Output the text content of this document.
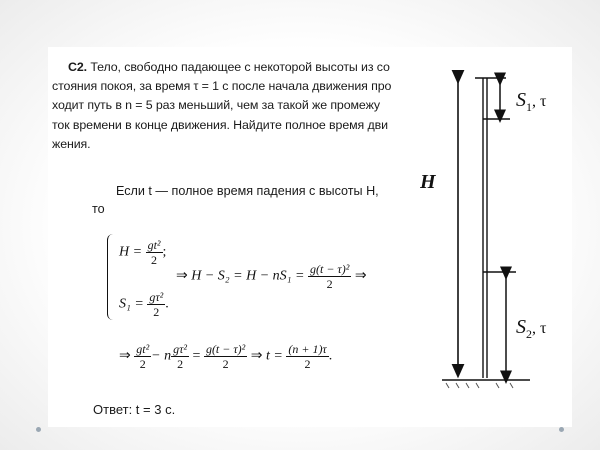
С2. Тело, свободно падающее с некоторой высоты из со
стояния покоя, за время τ = 1 с после начала движения про
ходит путь в n = 5 раз меньший, чем за такой же промежу
ток времени в конце движения. Найдите полное время дви
жения.
Если t — полное время падения с высоты H,
то
$H = \frac{\text{gt²}}{2}$ ;
$S_1 = \frac{\text{gτ²}}{2}$ .
⇒ $H - S_2 = H - nS_1 = \frac{\text{g(t − τ)²}}{2}$ ⇒
⇒ $\frac{\text{gt²}}{2} - n \frac{\text{gτ²}}{2} = \frac{\text{g(t − τ)²}}{2}$ ⇒ $t = \frac{(n + 1)\tau}{2}$ .
Ответ: t = 3 с.
H
$S_1^{, \tau}$
$S_2^{, \tau}$
